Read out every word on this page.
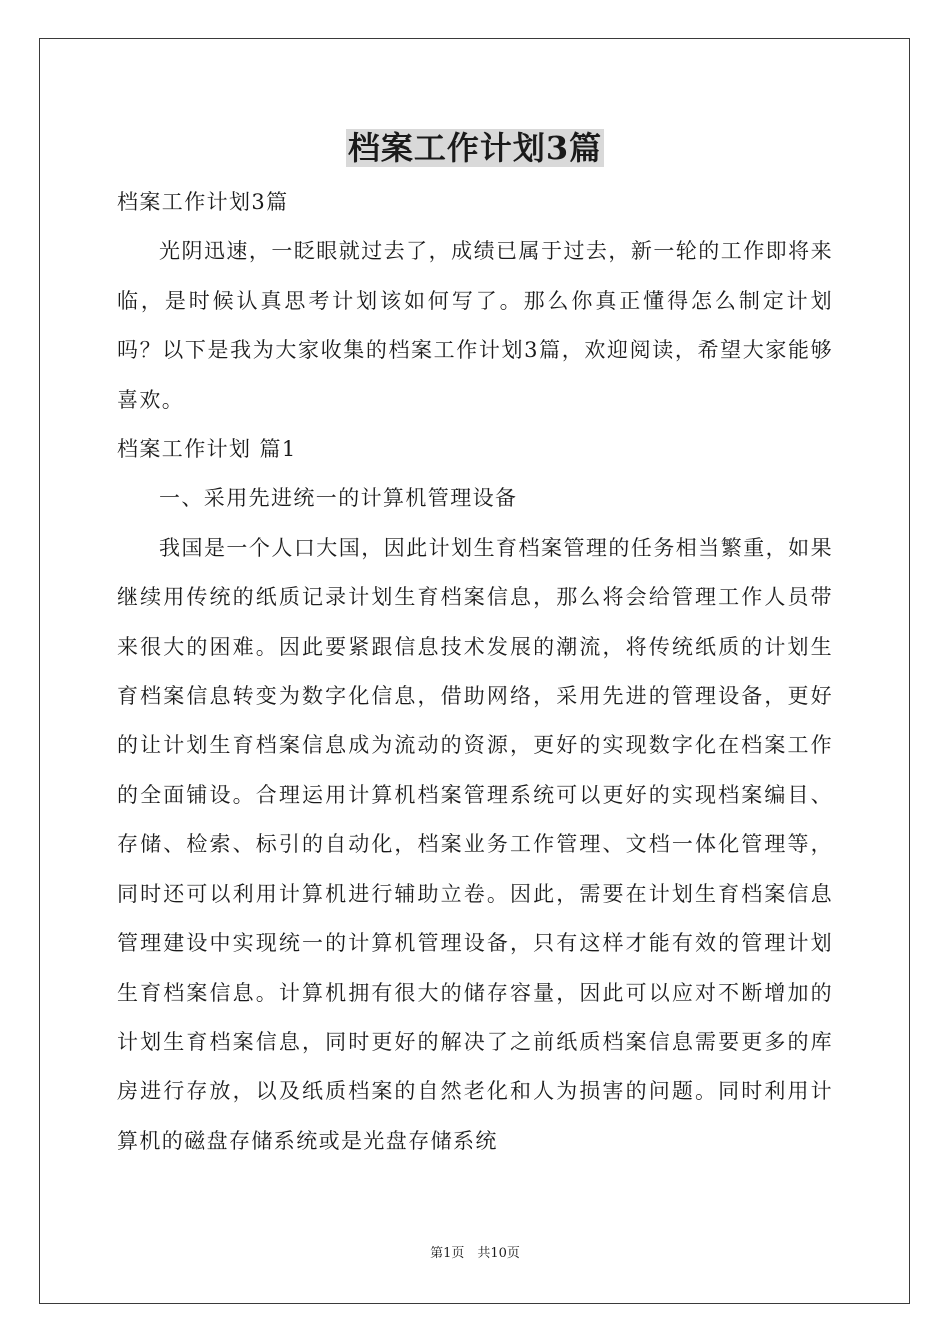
档案工作计划3篇

档案工作计划3篇

光阴迅速，一眨眼就过去了，成绩已属于过去，新一轮的工作即将来临，是时候认真思考计划该如何写了。那么你真正懂得怎么制定计划吗？以下是我为大家收集的档案工作计划3篇，欢迎阅读，希望大家能够喜欢。

档案工作计划 篇1

一、采用先进统一的计算机管理设备

我国是一个人口大国，因此计划生育档案管理的任务相当繁重，如果继续用传统的纸质记录计划生育档案信息，那么将会给管理工作人员带来很大的困难。因此要紧跟信息技术发展的潮流，将传统纸质的计划生育档案信息转变为数字化信息，借助网络，采用先进的管理设备，更好的让计划生育档案信息成为流动的资源，更好的实现数字化在档案工作的全面铺设。合理运用计算机档案管理系统可以更好的实现档案编目、存储、检索、标引的自动化，档案业务工作管理、文档一体化管理等，同时还可以利用计算机进行辅助立卷。因此，需要在计划生育档案信息管理建设中实现统一的计算机管理设备，只有这样才能有效的管理计划生育档案信息。计算机拥有很大的储存容量，因此可以应对不断增加的计划生育档案信息，同时更好的解决了之前纸质档案信息需要更多的库房进行存放，以及纸质档案的自然老化和人为损害的问题。同时利用计算机的磁盘存储系统或是光盘存储系统

第1页　共10页
